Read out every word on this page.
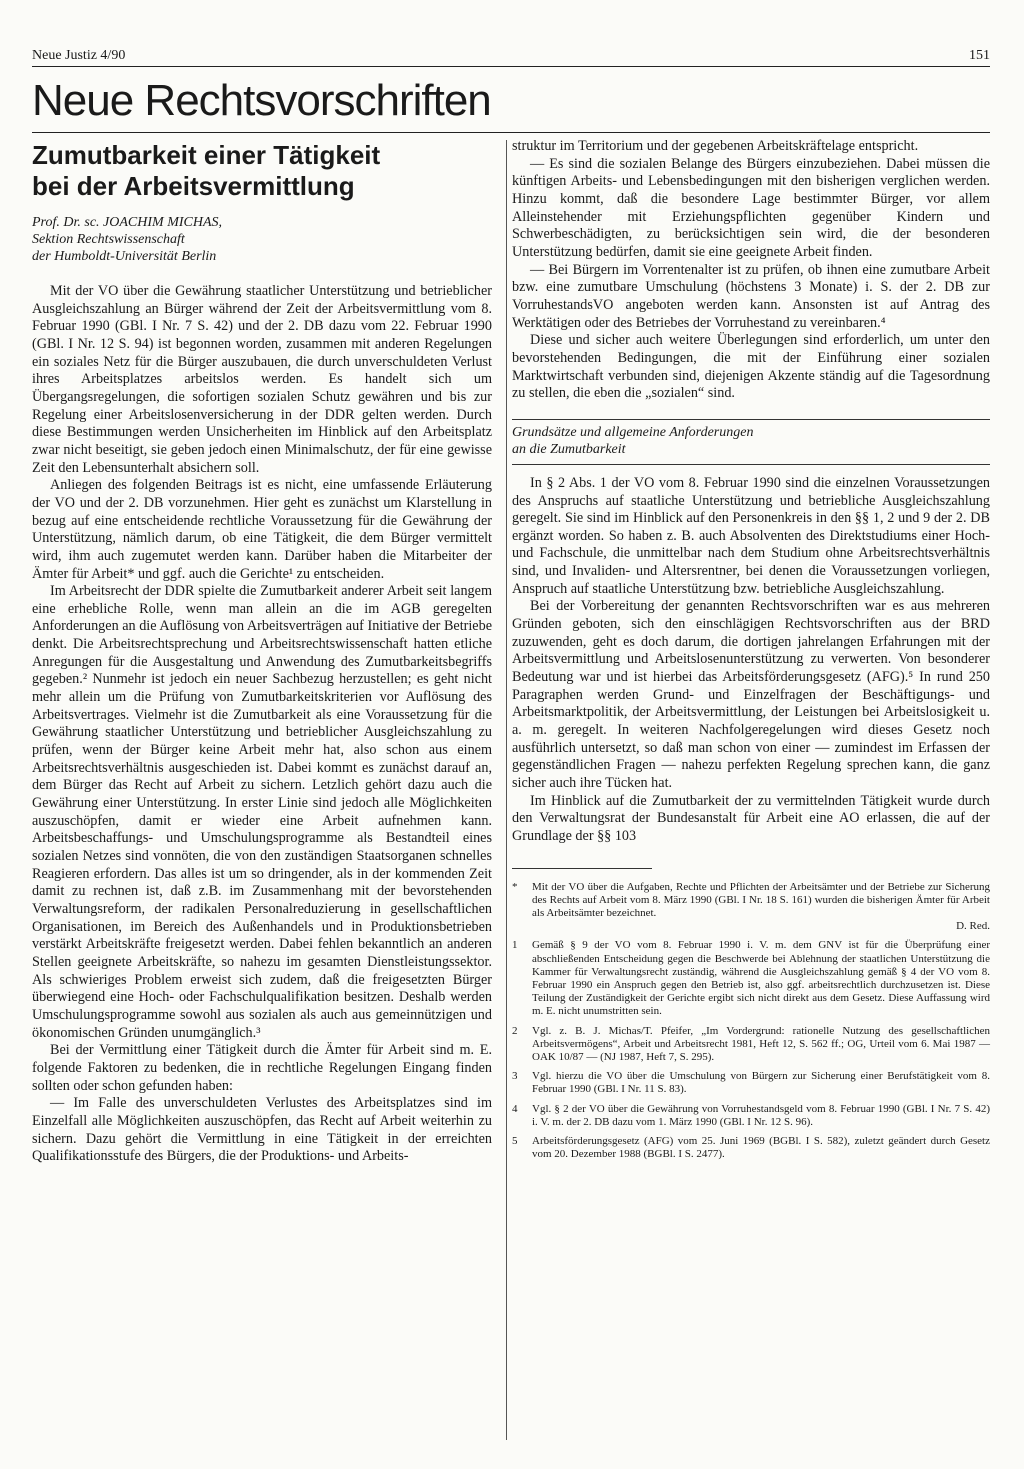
Neue Justiz 4/90	151
Neue Rechtsvorschriften
Zumutbarkeit einer Tätigkeit
bei der Arbeitsvermittlung
Prof. Dr. sc. JOACHIM MICHAS,
Sektion Rechtswissenschaft
der Humboldt-Universität Berlin

Mit der VO über die Gewährung staatlicher Unterstützung und betrieblicher Ausgleichszahlung an Bürger während der Zeit der Arbeitsvermittlung vom 8. Februar 1990 (GBl. I Nr. 7 S. 42) und der 2. DB dazu vom 22. Februar 1990 (GBl. I Nr. 12 S. 94) ist begonnen worden, zusammen mit anderen Regelungen ein soziales Netz für die Bürger auszubauen, die durch unverschuldeten Verlust ihres Arbeitsplatzes arbeitslos werden. Es handelt sich um Übergangsregelungen, die sofortigen sozialen Schutz gewähren und bis zur Regelung einer Arbeitslosenversicherung in der DDR gelten werden. Durch diese Bestimmungen werden Unsicherheiten im Hinblick auf den Arbeitsplatz zwar nicht beseitigt, sie geben jedoch einen Minimalschutz, der für eine gewisse Zeit den Lebensunterhalt absichern soll.

Anliegen des folgenden Beitrags ist es nicht, eine umfassende Erläuterung der VO und der 2. DB vorzunehmen. Hier geht es zunächst um Klarstellung in bezug auf eine entscheidende rechtliche Voraussetzung für die Gewährung der Unterstützung, nämlich darum, ob eine Tätigkeit, die dem Bürger vermittelt wird, ihm auch zugemutet werden kann. Darüber haben die Mitarbeiter der Ämter für Arbeit* und ggf. auch die Gerichte¹ zu entscheiden.

Im Arbeitsrecht der DDR spielte die Zumutbarkeit anderer Arbeit seit langem eine erhebliche Rolle, wenn man allein an die im AGB geregelten Anforderungen an die Auflösung von Arbeitsverträgen auf Initiative der Betriebe denkt. Die Arbeitsrechtsprechung und Arbeitsrechtswissenschaft hatten etliche Anregungen für die Ausgestaltung und Anwendung des Zumutbarkeitsbegriffs gegeben.² Nunmehr ist jedoch ein neuer Sachbezug herzustellen; es geht nicht mehr allein um die Prüfung von Zumutbarkeitskriterien vor Auflösung des Arbeitsvertrages. Vielmehr ist die Zumutbarkeit als eine Voraussetzung für die Gewährung staatlicher Unterstützung und betrieblicher Ausgleichszahlung zu prüfen, wenn der Bürger keine Arbeit mehr hat, also schon aus einem Arbeitsrechtsverhältnis ausgeschieden ist. Dabei kommt es zunächst darauf an, dem Bürger das Recht auf Arbeit zu sichern. Letzlich gehört dazu auch die Gewährung einer Unterstützung. In erster Linie sind jedoch alle Möglichkeiten auszuschöpfen, damit er wieder eine Arbeit aufnehmen kann. Arbeitsbeschaffungs- und Umschulungsprogramme als Bestandteil eines sozialen Netzes sind vonnöten, die von den zuständigen Staatsorganen schnelles Reagieren erfordern. Das alles ist um so dringender, als in der kommenden Zeit damit zu rechnen ist, daß z.B. im Zusammenhang mit der bevorstehenden Verwaltungsreform, der radikalen Personalreduzierung in gesellschaftlichen Organisationen, im Bereich des Außenhandels und in Produktionsbetrieben verstärkt Arbeitskräfte freigesetzt werden. Dabei fehlen bekanntlich an anderen Stellen geeignete Arbeitskräfte, so nahezu im gesamten Dienstleistungssektor. Als schwieriges Problem erweist sich zudem, daß die freigesetzten Bürger überwiegend eine Hoch- oder Fachschulqualifikation besitzen. Deshalb werden Umschulungsprogramme sowohl aus sozialen als auch aus gemeinnützigen und ökonomischen Gründen unumgänglich.³

Bei der Vermittlung einer Tätigkeit durch die Ämter für Arbeit sind m. E. folgende Faktoren zu bedenken, die in rechtliche Regelungen Eingang finden sollten oder schon gefunden haben:

— Im Falle des unverschuldeten Verlustes des Arbeitsplatzes sind im Einzelfall alle Möglichkeiten auszuschöpfen, das Recht auf Arbeit weiterhin zu sichern. Dazu gehört die Vermittlung in eine Tätigkeit in der erreichten Qualifikationsstufe des Bürgers, die der Produktions- und Arbeits-

struktur im Territorium und der gegebenen Arbeitskräftelage entspricht.

— Es sind die sozialen Belange des Bürgers einzubeziehen. Dabei müssen die künftigen Arbeits- und Lebensbedingungen mit den bisherigen verglichen werden. Hinzu kommt, daß die besondere Lage bestimmter Bürger, vor allem Alleinstehender mit Erziehungspflichten gegenüber Kindern und Schwerbeschädigten, zu berücksichtigen sein wird, die der besonderen Unterstützung bedürfen, damit sie eine geeignete Arbeit finden.

— Bei Bürgern im Vorrentenalter ist zu prüfen, ob ihnen eine zumutbare Arbeit bzw. eine zumutbare Umschulung (höchstens 3 Monate) i. S. der 2. DB zur VorruhestandsVO angeboten werden kann. Ansonsten ist auf Antrag des Werktätigen oder des Betriebes der Vorruhestand zu vereinbaren.⁴

Diese und sicher auch weitere Überlegungen sind erforderlich, um unter den bevorstehenden Bedingungen, die mit der Einführung einer sozialen Marktwirtschaft verbunden sind, diejenigen Akzente ständig auf die Tagesordnung zu stellen, die eben die „sozialen“ sind.

Grundsätze und allgemeine Anforderungen
an die Zumutbarkeit

In § 2 Abs. 1 der VO vom 8. Februar 1990 sind die einzelnen Voraussetzungen des Anspruchs auf staatliche Unterstützung und betriebliche Ausgleichszahlung geregelt. Sie sind im Hinblick auf den Personenkreis in den §§ 1, 2 und 9 der 2. DB ergänzt worden. So haben z. B. auch Absolventen des Direktstudiums einer Hoch- und Fachschule, die unmittelbar nach dem Studium ohne Arbeitsrechtsverhältnis sind, und Invaliden- und Altersrentner, bei denen die Voraussetzungen vorliegen, Anspruch auf staatliche Unterstützung bzw. betriebliche Ausgleichszahlung.

Bei der Vorbereitung der genannten Rechtsvorschriften war es aus mehreren Gründen geboten, sich den einschlägigen Rechtsvorschriften aus der BRD zuzuwenden, geht es doch darum, die dortigen jahrelangen Erfahrungen mit der Arbeitsvermittlung und Arbeitslosenunterstützung zu verwerten. Von besonderer Bedeutung war und ist hierbei das Arbeitsförderungsgesetz (AFG).⁵ In rund 250 Paragraphen werden Grund- und Einzelfragen der Beschäftigungs- und Arbeitsmarktpolitik, der Arbeitsvermittlung, der Leistungen bei Arbeitslosigkeit u. a. m. geregelt. In weiteren Nachfolgeregelungen wird dieses Gesetz noch ausführlich untersetzt, so daß man schon von einer — zumindest im Erfassen der gegenständlichen Fragen — nahezu perfekten Regelung sprechen kann, die ganz sicher auch ihre Tücken hat.

Im Hinblick auf die Zumutbarkeit der zu vermittelnden Tätigkeit wurde durch den Verwaltungsrat der Bundesanstalt für Arbeit eine AO erlassen, die auf der Grundlage der §§ 103

*	Mit der VO über die Aufgaben, Rechte und Pflichten der Arbeitsämter und der Betriebe zur Sicherung des Rechts auf Arbeit vom 8. März 1990 (GBl. I Nr. 18 S. 161) wurden die bisherigen Ämter für Arbeit als Arbeitsämter bezeichnet.
D. Red.
1	Gemäß § 9 der VO vom 8. Februar 1990 i. V. m. dem GNV ist für die Überprüfung einer abschließenden Entscheidung gegen die Beschwerde bei Ablehnung der staatlichen Unterstützung die Kammer für Verwaltungsrecht zuständig, während die Ausgleichszahlung gemäß § 4 der VO vom 8. Februar 1990 ein Anspruch gegen den Betrieb ist, also ggf. arbeitsrechtlich durchzusetzen ist. Diese Teilung der Zuständigkeit der Gerichte ergibt sich nicht direkt aus dem Gesetz. Diese Auffassung wird m. E. nicht unumstritten sein.
2	Vgl. z. B. J. Michas/T. Pfeifer, „Im Vordergrund: rationelle Nutzung des gesellschaftlichen Arbeitsvermögens“, Arbeit und Arbeitsrecht 1981, Heft 12, S. 562 ff.; OG, Urteil vom 6. Mai 1987 — OAK 10/87 — (NJ 1987, Heft 7, S. 295).
3	Vgl. hierzu die VO über die Umschulung von Bürgern zur Sicherung einer Berufstätigkeit vom 8. Februar 1990 (GBl. I Nr. 11 S. 83).
4	Vgl. § 2 der VO über die Gewährung von Vorruhestandsgeld vom 8. Februar 1990 (GBl. I Nr. 7 S. 42) i. V. m. der 2. DB dazu vom 1. März 1990 (GBl. I Nr. 12 S. 96).
5	Arbeitsförderungsgesetz (AFG) vom 25. Juni 1969 (BGBl. I S. 582), zuletzt geändert durch Gesetz vom 20. Dezember 1988 (BGBl. I S. 2477).
